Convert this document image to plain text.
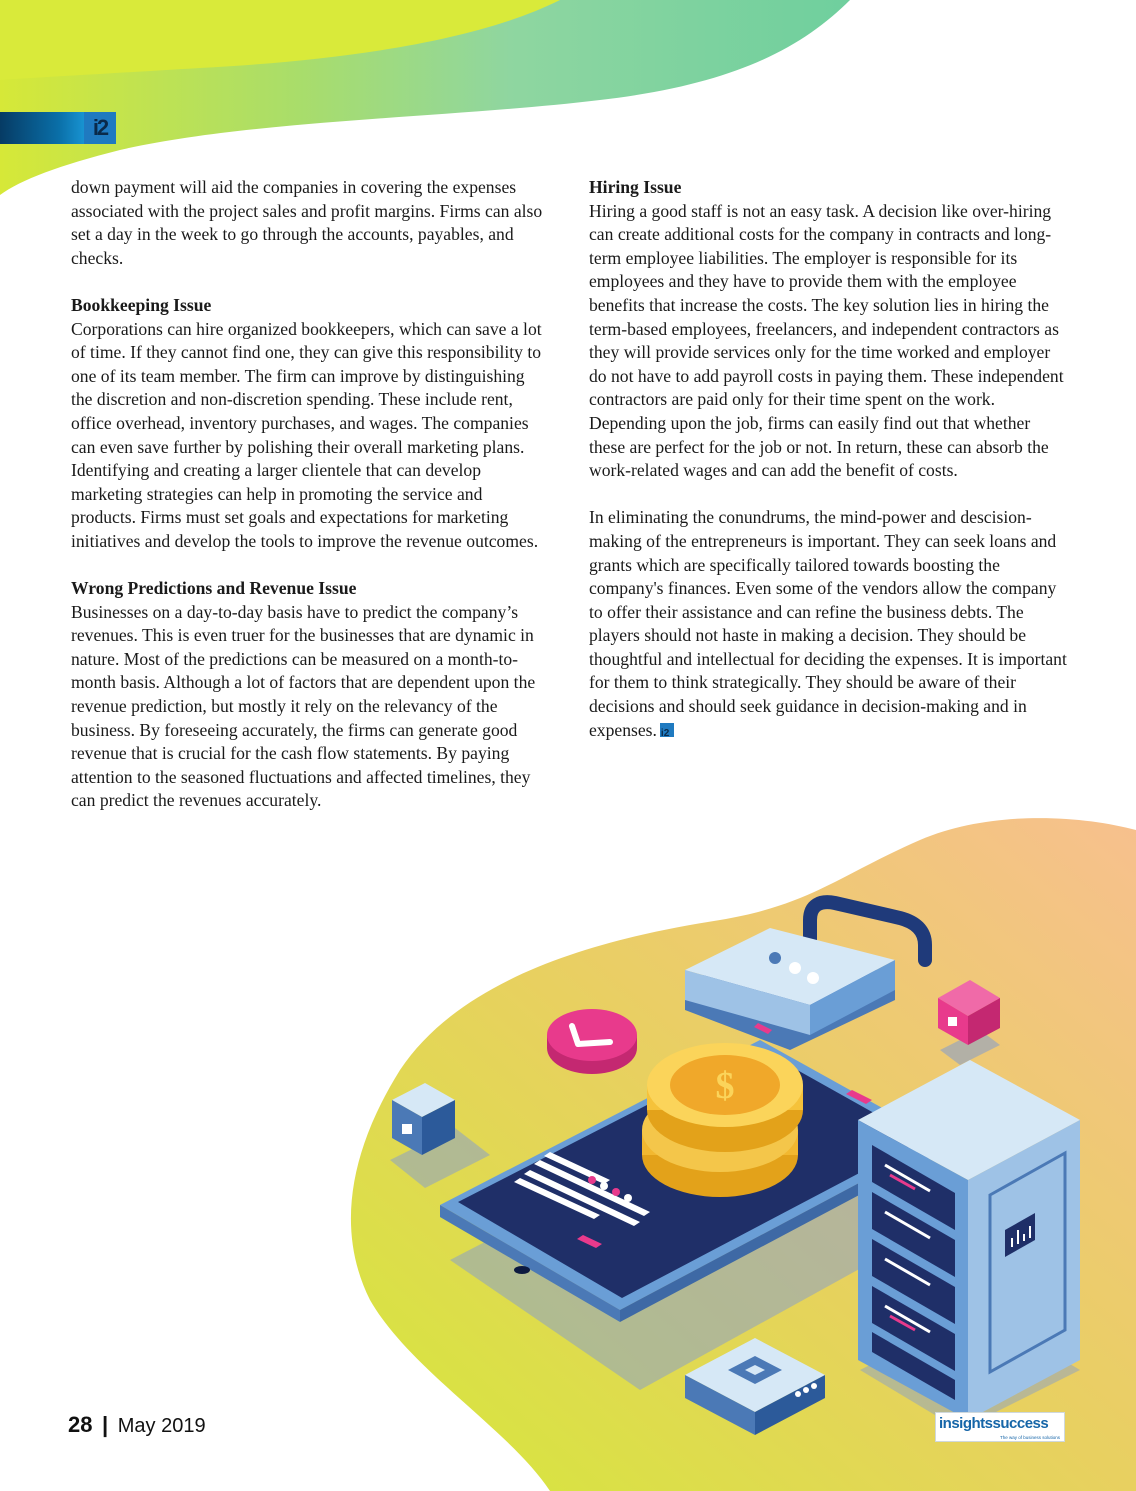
i2

down payment will aid the companies in covering the expenses associated with the project sales and profit margins. Firms can also set a day in the week to go through the accounts, payables, and checks.

Bookkeeping Issue

Corporations can hire organized bookkeepers, which can save a lot of time. If they cannot find one, they can give this responsibility to one of its team member. The firm can improve by distinguishing the discretion and non-discretion spending. These include rent, office overhead, inventory purchases, and wages. The companies can even save further by polishing their overall marketing plans. Identifying and creating a larger clientele that can develop marketing strategies can help in promoting the service and products. Firms must set goals and expectations for marketing initiatives and develop the tools to improve the revenue outcomes.

Wrong Predictions and Revenue Issue

Businesses on a day-to-day basis have to predict the company’s revenues. This is even truer for the businesses that are dynamic in nature. Most of the predictions can be measured on a month-to-month basis. Although a lot of factors that are dependent upon the revenue prediction, but mostly it rely on the relevancy of the business. By foreseeing accurately, the firms can generate good revenue that is crucial for the cash flow statements. By paying attention to the seasoned fluctuations and affected timelines, they can predict the revenues accurately.

Hiring Issue

Hiring a good staff is not an easy task. A decision like over-hiring can create additional costs for the company in contracts and long-term employee liabilities. The employer is responsible for its employees and they have to provide them with the employee benefits that increase the costs. The key solution lies in hiring the term-based employees, freelancers, and independent contractors as they will provide services only for the time worked and employer do not have to add payroll costs in paying them. These independent contractors are paid only for their time spent on the work. Depending upon the job, firms can easily find out that whether these are perfect for the job or not. In return, these can absorb the work-related wages and can add the benefit of costs.

In eliminating the conundrums, the mind-power and descision-making of the entrepreneurs is important. They can seek loans and grants which are specifically tailored towards boosting the company's finances. Even some of the vendors allow the company to offer their assistance and can refine the business debts. The players should not haste in making a decision. They should be thoughtful and intellectual for deciding the expenses. It is important for them to think strategically. They should be aware of their decisions and should seek guidance in decision-making and in expenses.i2

$
28 | May 2019	insightssuccess
The way of business solutions
